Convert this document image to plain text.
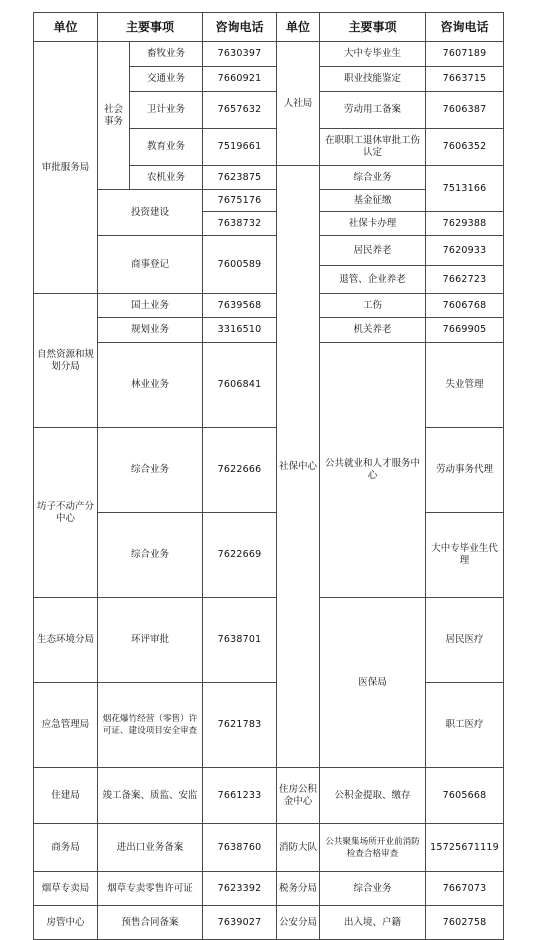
单位	主要事项		咨询电话	单位	主要事项	咨询电话	
审批服务局	社会事务	畜牧业务	7630397	人社局	大中专毕业生	7607189	
		交通业务	7660921		职业技能鉴定	7663715	
		卫计业务	7657632		劳动用工备案	7606387	
		教育业务	7519661		在职职工退休审批工伤认定	7606352	
		农机业务	7623875	社保中心	综合业务	7513166	
	投资建设		7675176		基金征缴		
			7638732		社保卡办理	7629388	
	商事登记		7600589		居民养老	7620933	
					退管、企业养老	7662723	
自然资源和规划分局	国土业务		7639568		工伤	7606768	
	规划业务		3316510		机关养老	7669905	
	林业业务		7606841		公共就业和人才服务中心	失业管理	
坊子不动产分中心	综合业务		7622666			劳动事务代理	
	综合业务		7622669			大中专毕业生代理	
生态环境分局	环评审批		7638701		医保局	居民医疗	
应急管理局	烟花爆竹经营（零售）许可证、建设项目安全审查		7621783			职工医疗	
住建局	竣工备案、质监、安监		7661233	住房公积金中心	公积金提取、缴存	7605668	
商务局	进出口业务备案		7638760	消防大队	公共聚集场所开业前消防检查合格审查	15725671119	
烟草专卖局	烟草专卖零售许可证		7623392	税务分局	综合业务	7667073	
房管中心	预售合同备案		7639027	公安分局	出入境、户籍	7602758	
